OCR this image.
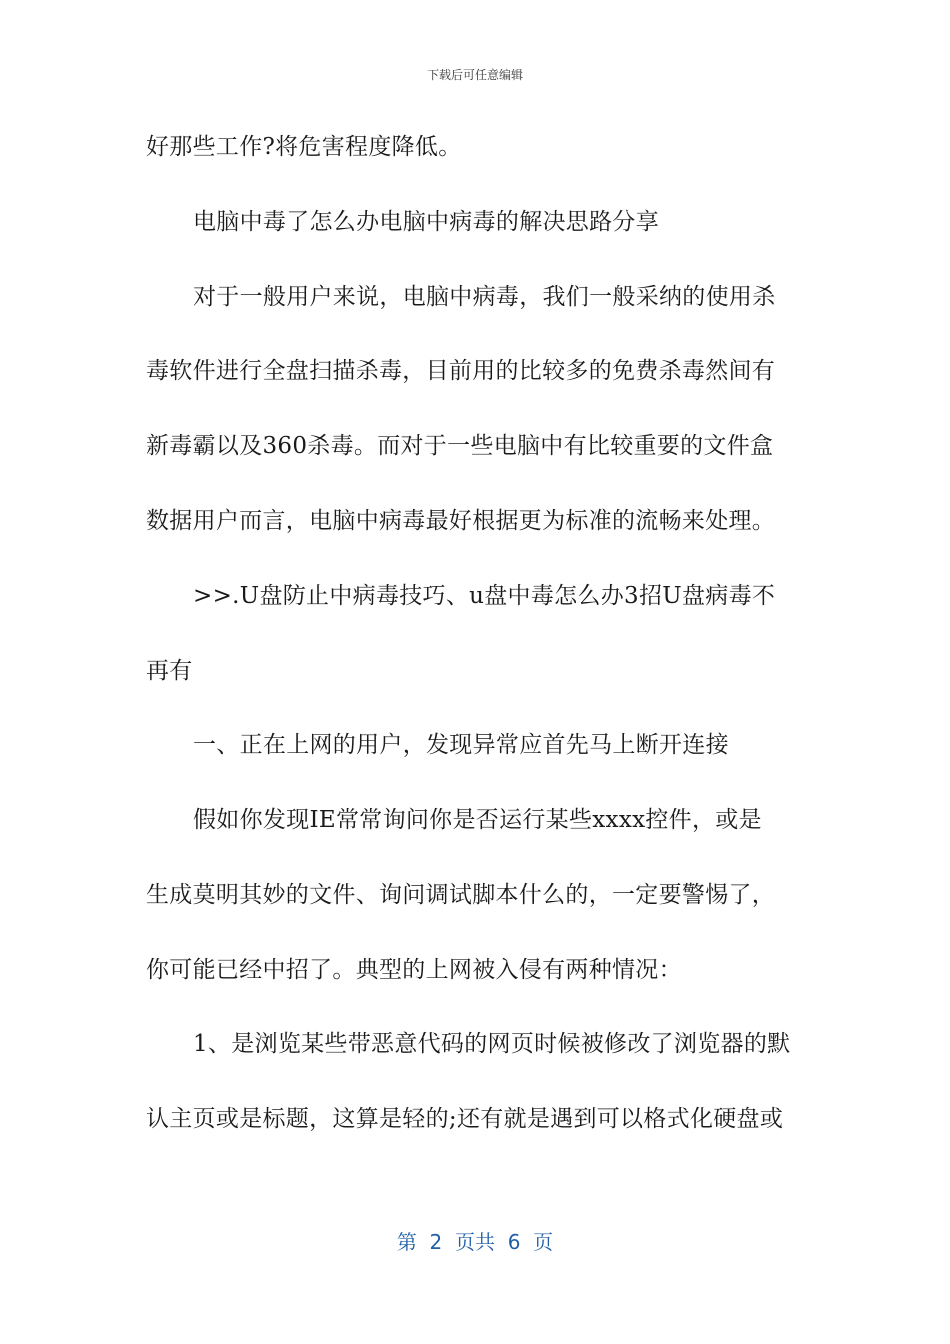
下载后可任意编辑
好那些工作?将危害程度降低。
电脑中毒了怎么办电脑中病毒的解决思路分享
对于一般用户来说，电脑中病毒，我们一般采纳的使用杀
毒软件进行全盘扫描杀毒，目前用的比较多的免费杀毒然间有
新毒霸以及360杀毒。而对于一些电脑中有比较重要的文件盒
数据用户而言，电脑中病毒最好根据更为标准的流畅来处理。
>>.U盘防止中病毒技巧、u盘中毒怎么办3招U盘病毒不
再有
一、正在上网的用户，发现异常应首先马上断开连接
假如你发现IE常常询问你是否运行某些xxxx控件，或是
生成莫明其妙的文件、询问调试脚本什么的，一定要警惕了，
你可能已经中招了。典型的上网被入侵有两种情况：
1、是浏览某些带恶意代码的网页时候被修改了浏览器的默
认主页或是标题，这算是轻的;还有就是遇到可以格式化硬盘或
第  2  页共  6  页
